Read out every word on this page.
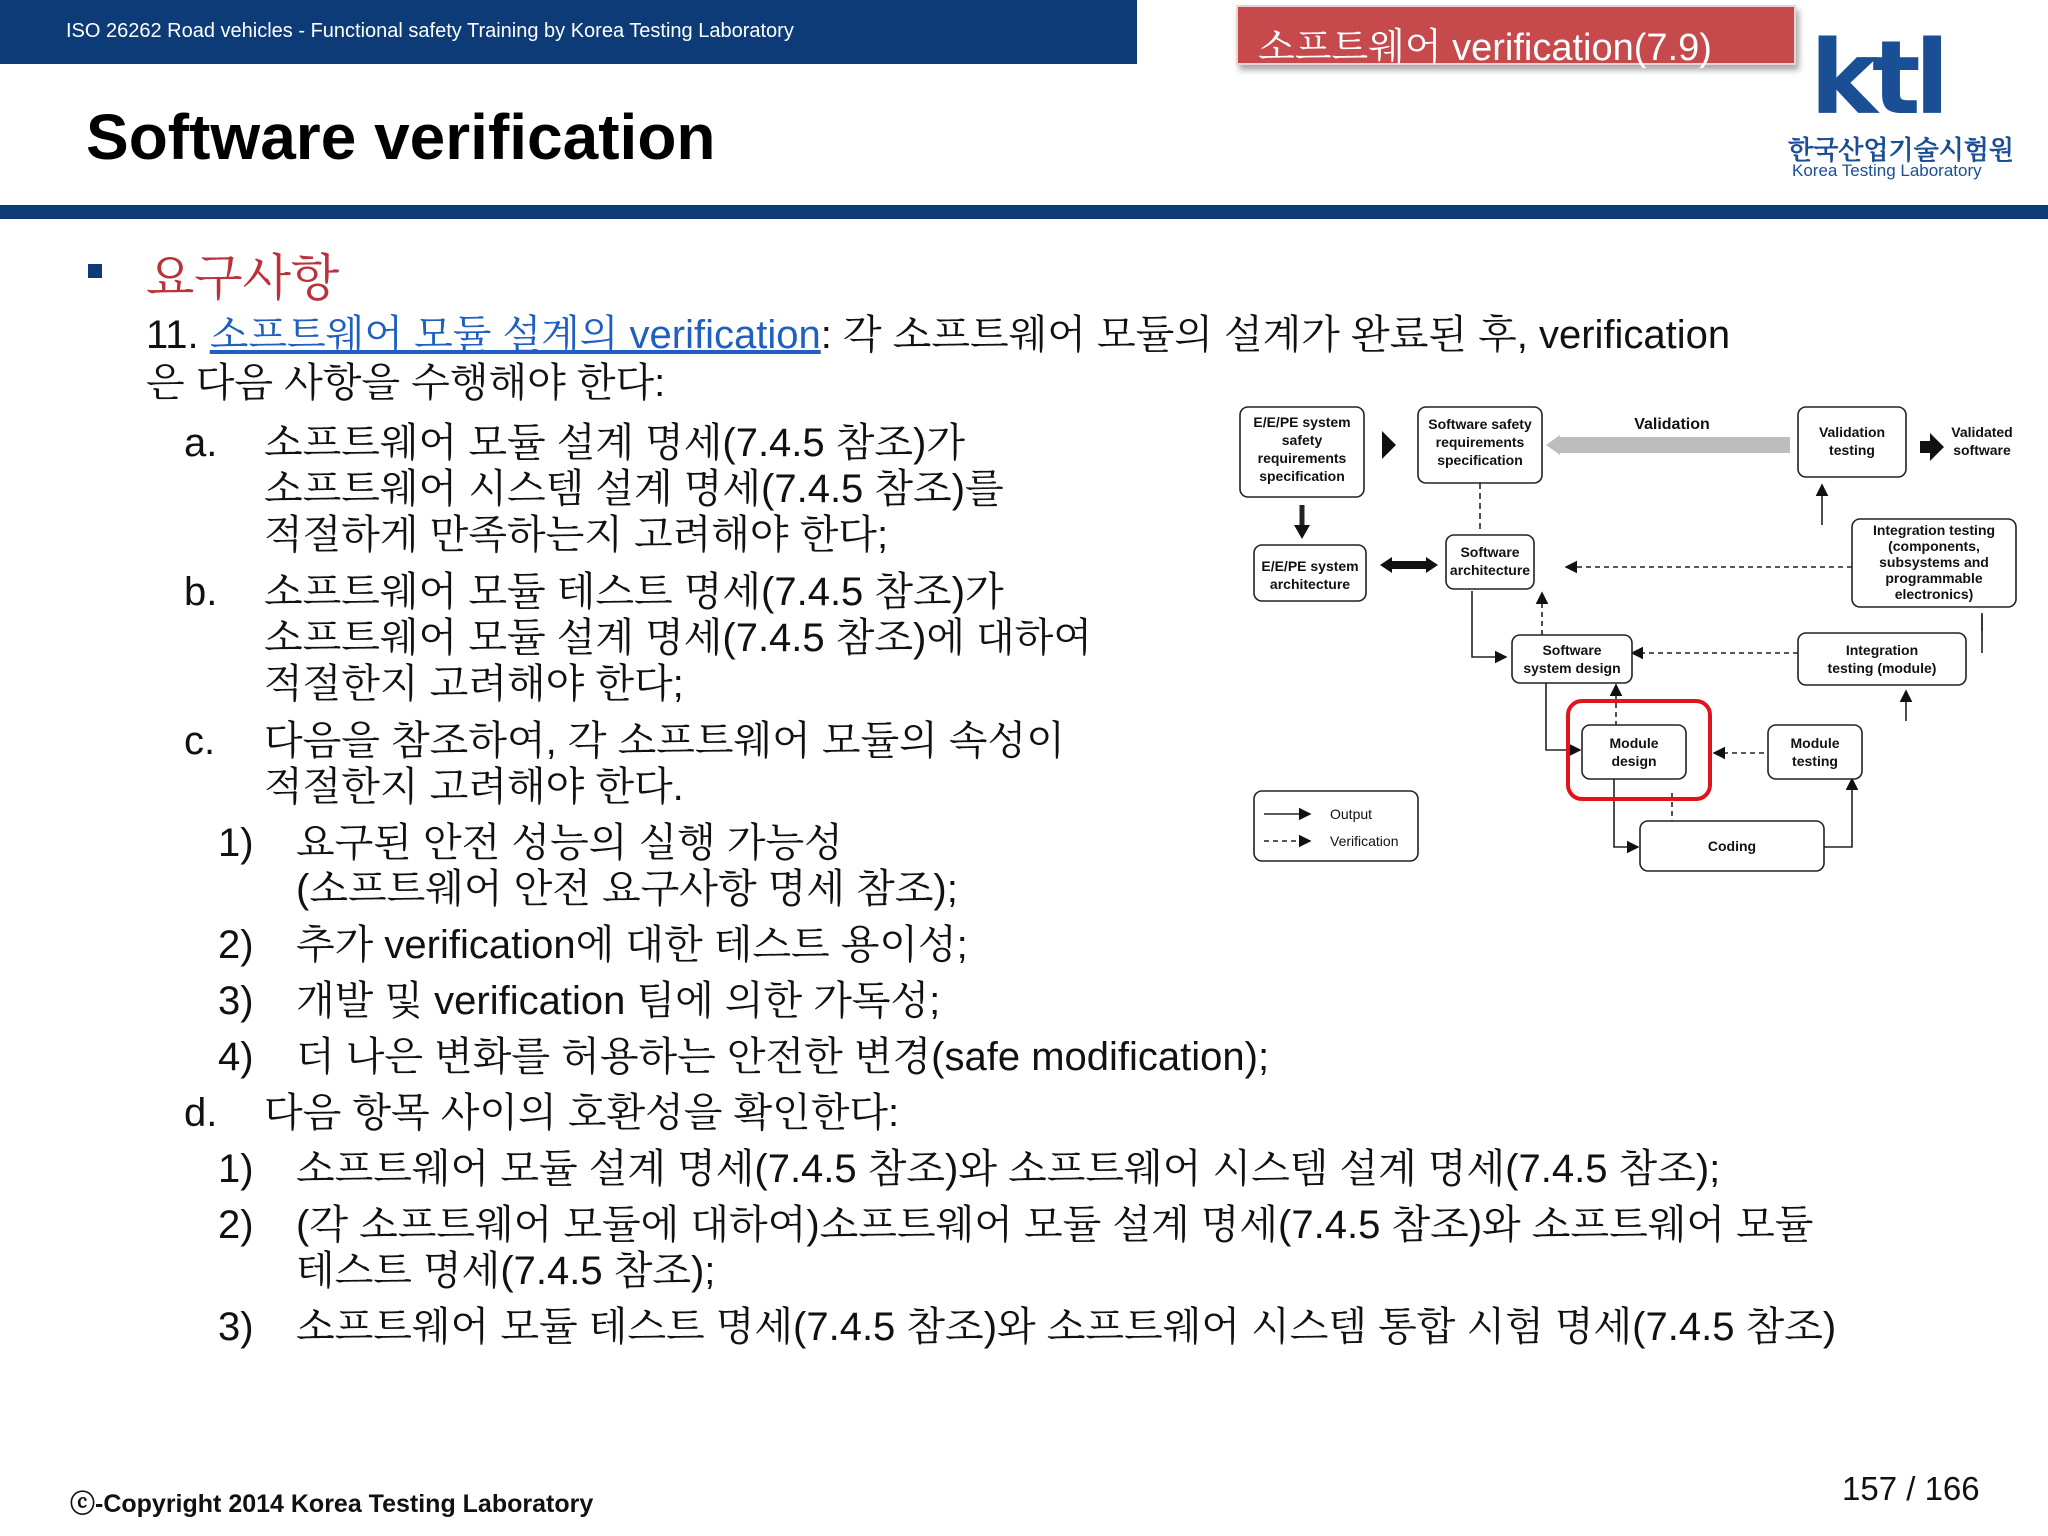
ISO 26262 Road vehicles - Functional safety Training by Korea Testing Laboratory	소프트웨어 verification(7.9) ktl
한국산업기술시험원
Korea Testing Laboratory
Software verification
요구사항
11. 소프트웨어 모듈 설계의 verification: 각 소프트웨어 모듈의 설계가 완료된 후, verification
은 다음 사항을 수행해야 한다:
a. 소프트웨어 모듈 설계 명세(7.4.5 참조)가
소프트웨어 시스템 설계 명세(7.4.5 참조)를
적절하게 만족하는지 고려해야 한다;
b. 소프트웨어 모듈 테스트 명세(7.4.5 참조)가
소프트웨어 모듈 설계 명세(7.4.5 참조)에 대하여
적절한지 고려해야 한다;
c. 다음을 참조하여, 각 소프트웨어 모듈의 속성이
적절한지 고려해야 한다.
1) 요구된 안전 성능의 실행 가능성
(소프트웨어 안전 요구사항 명세 참조);
2) 추가 verification에 대한 테스트 용이성;
3) 개발 및 verification 팀에 의한 가독성;
4) 더 나은 변화를 허용하는 안전한 변경(safe modification);
d. 다음 항목 사이의 호환성을 확인한다:
1) 소프트웨어 모듈 설계 명세(7.4.5 참조)와 소프트웨어 시스템 설계 명세(7.4.5 참조);
2) (각 소프트웨어 모듈에 대하여)소프트웨어 모듈 설계 명세(7.4.5 참조)와 소프트웨어 모듈
테스트 명세(7.4.5 참조);
3) 소프트웨어 모듈 테스트 명세(7.4.5 참조)와 소프트웨어 시스템 통합 시험 명세(7.4.5 참조)
E/E/PE system
safety
requirements
specification
Software safety
requirements
specification
Validation	Validation
testing
Validated
software
E/E/PE system
architecture
Software
architecture
Integration testing
(components,
subsystems and
programmable
electronics)
Software
system design
Integration
testing (module)
Module
design
Module
testing
Coding
Output
Verification
ⓒ-Copyright 2014 Korea Testing Laboratory	157 / 166
